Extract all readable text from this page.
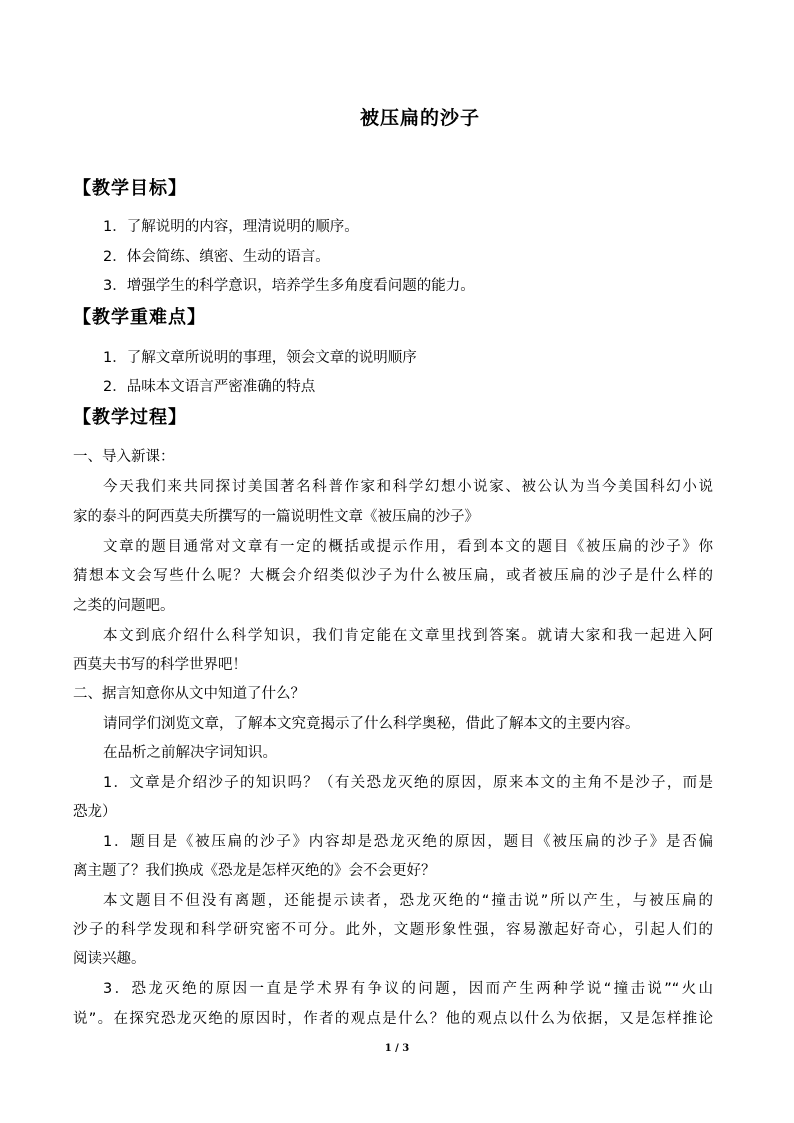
被压扁的沙子
【教学目标】
1．了解说明的内容，理清说明的顺序。
2．体会简练、缜密、生动的语言。
3．增强学生的科学意识，培养学生多角度看问题的能力。
【教学重难点】
1．了解文章所说明的事理，领会文章的说明顺序
2．品味本文语言严密准确的特点
【教学过程】
一、导入新课：
今天我们来共同探讨美国著名科普作家和科学幻想小说家、被公认为当今美国科幻小说
家的泰斗的阿西莫夫所撰写的一篇说明性文章《被压扁的沙子》
文章的题目通常对文章有一定的概括或提示作用，看到本文的题目《被压扁的沙子》你
猜想本文会写些什么呢？大概会介绍类似沙子为什么被压扁，或者被压扁的沙子是什么样的
之类的问题吧。
本文到底介绍什么科学知识，我们肯定能在文章里找到答案。就请大家和我一起进入阿
西莫夫书写的科学世界吧！
二、据言知意你从文中知道了什么？
请同学们浏览文章，了解本文究竟揭示了什么科学奥秘，借此了解本文的主要内容。
在品析之前解决字词知识。
1．文章是介绍沙子的知识吗？（有关恐龙灭绝的原因，原来本文的主角不是沙子，而是
恐龙）
1．题目是《被压扁的沙子》内容却是恐龙灭绝的原因，题目《被压扁的沙子》是否偏
离主题了？我们换成《恐龙是怎样灭绝的》会不会更好？
本文题目不但没有离题，还能提示读者，恐龙灭绝的“撞击说”所以产生，与被压扁的
沙子的科学发现和科学研究密不可分。此外，文题形象性强，容易激起好奇心，引起人们的
阅读兴趣。
3．恐龙灭绝的原因一直是学术界有争议的问题，因而产生两种学说“撞击说”“火山
说”。在探究恐龙灭绝的原因时，作者的观点是什么？他的观点以什么为依据，又是怎样推论
1 / 3
